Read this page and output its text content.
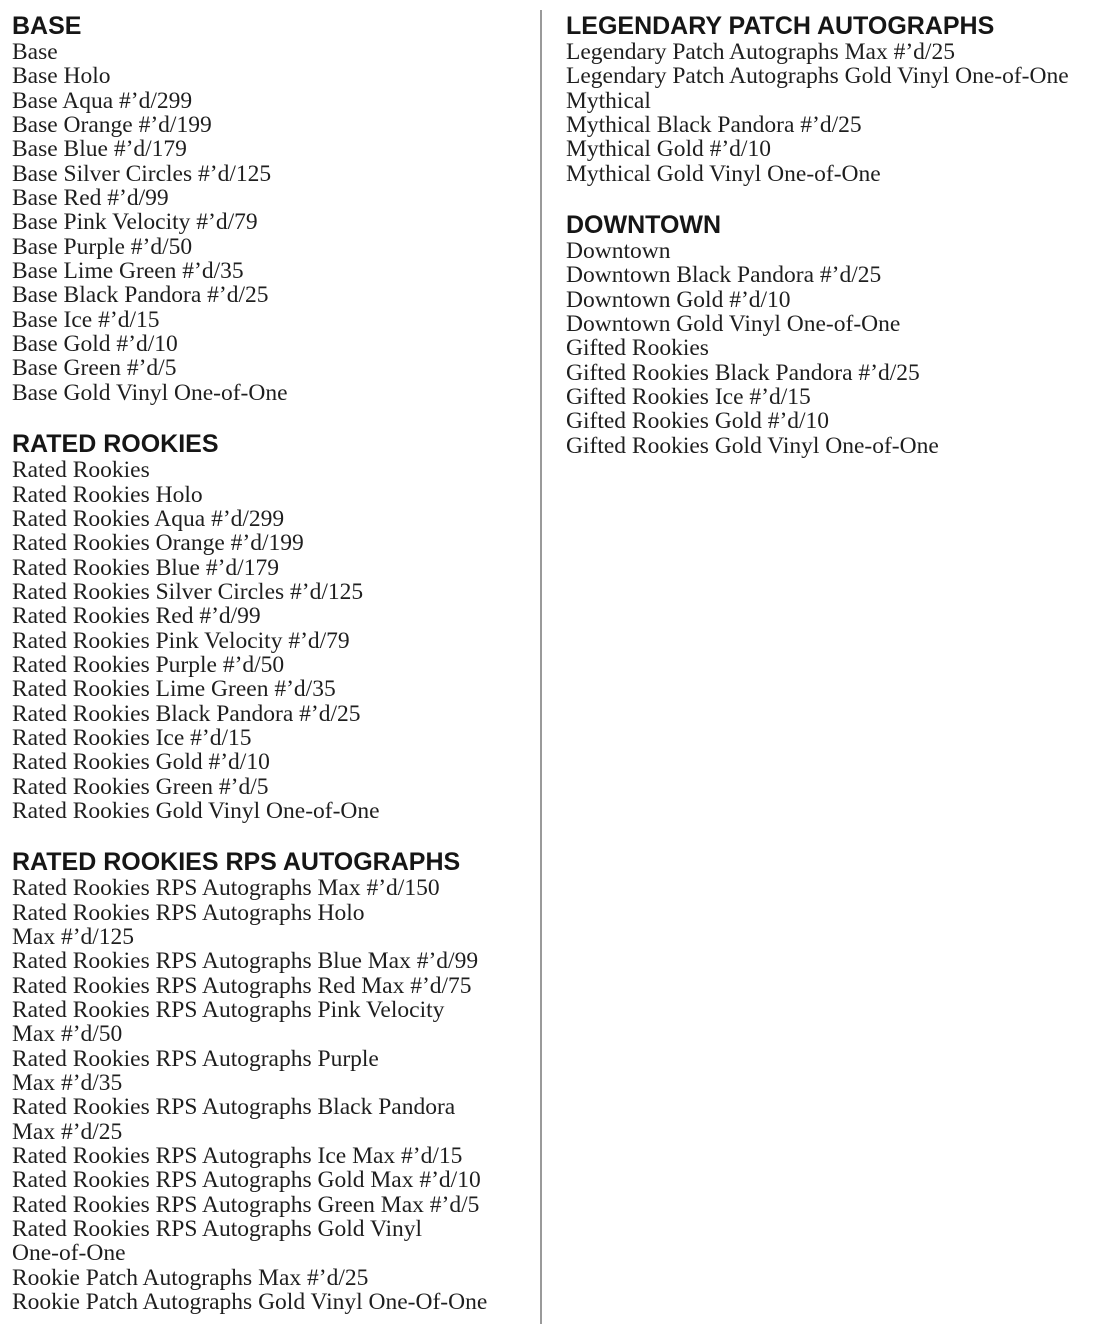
BASE
Base
Base Holo
Base Aqua #’d/299
Base Orange #’d/199
Base Blue #’d/179
Base Silver Circles #’d/125
Base Red #’d/99
Base Pink Velocity #’d/79
Base Purple #’d/50
Base Lime Green #’d/35
Base Black Pandora #’d/25
Base Ice #’d/15
Base Gold #’d/10
Base Green #’d/5
Base Gold Vinyl One-of-One
RATED ROOKIES
Rated Rookies
Rated Rookies Holo
Rated Rookies Aqua #’d/299
Rated Rookies Orange #’d/199
Rated Rookies Blue #’d/179
Rated Rookies Silver Circles #’d/125
Rated Rookies Red #’d/99
Rated Rookies Pink Velocity #’d/79
Rated Rookies Purple #’d/50
Rated Rookies Lime Green #’d/35
Rated Rookies Black Pandora #’d/25
Rated Rookies Ice #’d/15
Rated Rookies Gold #’d/10
Rated Rookies Green #’d/5
Rated Rookies Gold Vinyl One-of-One
RATED ROOKIES RPS AUTOGRAPHS
Rated Rookies RPS Autographs Max #’d/150
Rated Rookies RPS Autographs Holo
Max #’d/125
Rated Rookies RPS Autographs Blue Max #’d/99
Rated Rookies RPS Autographs Red Max #’d/75
Rated Rookies RPS Autographs Pink Velocity
Max #’d/50
Rated Rookies RPS Autographs Purple
Max #’d/35
Rated Rookies RPS Autographs Black Pandora
Max #’d/25
Rated Rookies RPS Autographs Ice Max #’d/15
Rated Rookies RPS Autographs Gold Max #’d/10
Rated Rookies RPS Autographs Green Max #’d/5
Rated Rookies RPS Autographs Gold Vinyl
One-of-One
Rookie Patch Autographs Max #’d/25
Rookie Patch Autographs Gold Vinyl One-Of-One
LEGENDARY PATCH AUTOGRAPHS
Legendary Patch Autographs Max #’d/25
Legendary Patch Autographs Gold Vinyl One-of-One
Mythical
Mythical Black Pandora #’d/25
Mythical Gold #’d/10
Mythical Gold Vinyl One-of-One
DOWNTOWN
Downtown
Downtown Black Pandora #’d/25
Downtown Gold #’d/10
Downtown Gold Vinyl One-of-One
Gifted Rookies
Gifted Rookies Black Pandora #’d/25
Gifted Rookies Ice #’d/15
Gifted Rookies Gold #’d/10
Gifted Rookies Gold Vinyl One-of-One
